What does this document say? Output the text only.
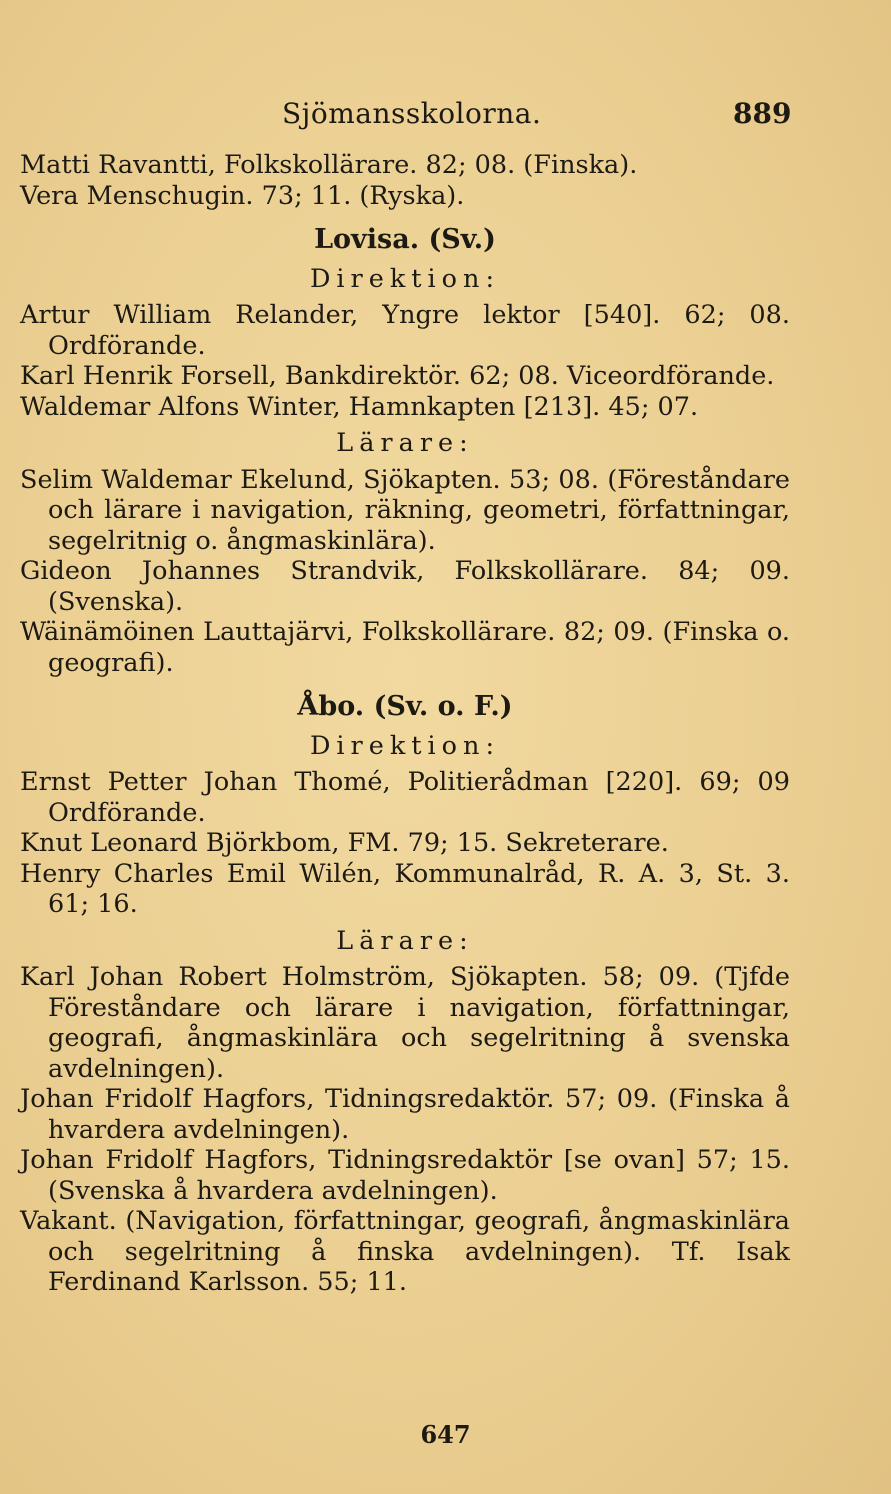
Sjömansskolorna.	889

Matti Ravantti, Folkskollärare. 82; 08. (Finska).

Vera Menschugin. 73; 11. (Ryska).

Lovisa. (Sv.)
Direktion:

Artur William Relander, Yngre lektor [540]. 62; 08. Ordförande.

Karl Henrik Forsell, Bankdirektör. 62; 08. Viceordförande.

Waldemar Alfons Winter, Hamnkapten [213]. 45; 07.

Lärare:

Selim Waldemar Ekelund, Sjökapten. 53; 08. (Föreståndare och lärare i navigation, räkning, geometri, författningar, segelritnig o. ångmaskinlära).

Gideon Johannes Strandvik, Folkskollärare. 84; 09. (Svenska).

Wäinämöinen Lauttajärvi, Folkskollärare. 82; 09. (Finska o. geografi).

Åbo. (Sv. o. F.)
Direktion:

Ernst Petter Johan Thomé, Politierådman [220]. 69; 09 Ordförande.

Knut Leonard Björkbom, FM. 79; 15. Sekreterare.

Henry Charles Emil Wilén, Kommunalråd, R. A. 3, St. 3. 61; 16.

Lärare:

Karl Johan Robert Holmström, Sjökapten. 58; 09. (Tjfde Föreståndare och lärare i navigation, författningar, geografi, ångmaskinlära och segelritning å svenska avdelningen).

Johan Fridolf Hagfors, Tidningsredaktör. 57; 09. (Finska å hvardera avdelningen).

Johan Fridolf Hagfors, Tidningsredaktör [se ovan] 57; 15. (Svenska å hvardera avdelningen).

Vakant. (Navigation, författningar, geografi, ångmaskinlära och segelritning å finska avdelningen). Tf. Isak Ferdinand Karlsson. 55; 11.

647
